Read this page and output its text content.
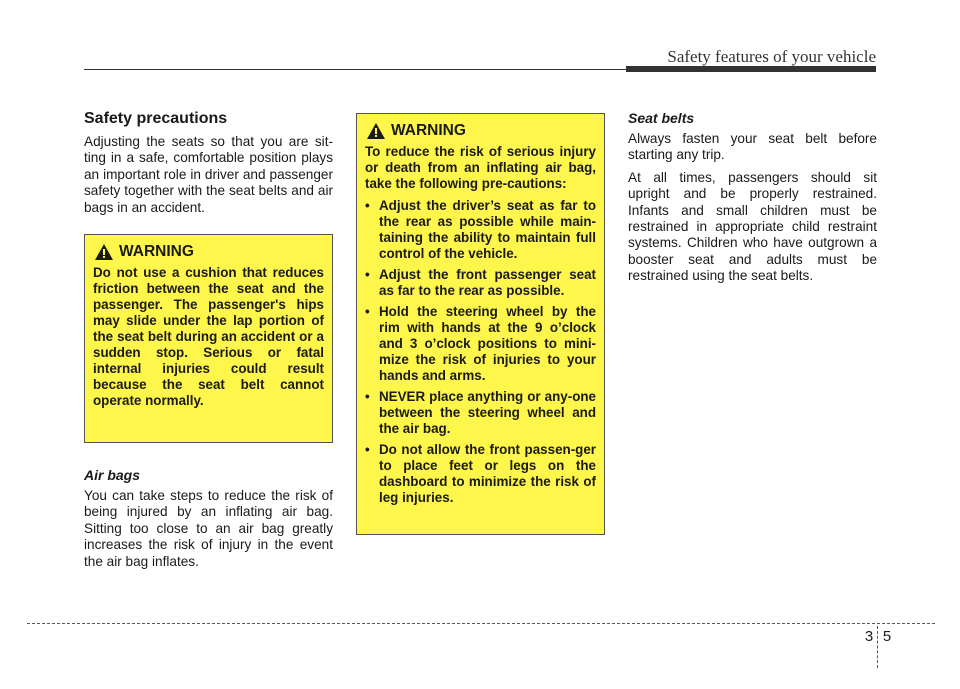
Safety features of your vehicle
Safety precautions

Adjusting the seats so that you are sit-ting in a safe, comfortable position plays an important role in driver and passenger safety together with the seat belts and air bags in an accident.

WARNING

Do not use a cushion that reduces friction between the seat and the passenger. The passenger's hips may slide under the lap portion of the seat belt during an accident or a sudden stop. Serious or fatal internal injuries could result because the seat belt cannot operate normally.

Air bags

You can take steps to reduce the risk of being injured by an inflating air bag. Sitting too close to an air bag greatly increases the risk of injury in the event the air bag inflates.

WARNING

To reduce the risk of serious injury or death from an inflating air bag, take the following pre-cautions:

• Adjust the driver’s seat as far to the rear as possible while main-taining the ability to maintain full control of the vehicle.
• Adjust the front passenger seat as far to the rear as possible.
• Hold the steering wheel by the rim with hands at the 9 o’clock and 3 o’clock positions to mini-mize the risk of injuries to your hands and arms.
• NEVER place anything or any-one between the steering wheel and the air bag.
• Do not allow the front passen-ger to place feet or legs on the dashboard to minimize the risk of leg injuries.
Seat belts

Always fasten your seat belt before starting any trip.

At all times, passengers should sit upright and be properly restrained. Infants and small children must be restrained in appropriate child restraint systems. Children who have outgrown a booster seat and adults must be restrained using the seat belts.

3 5
